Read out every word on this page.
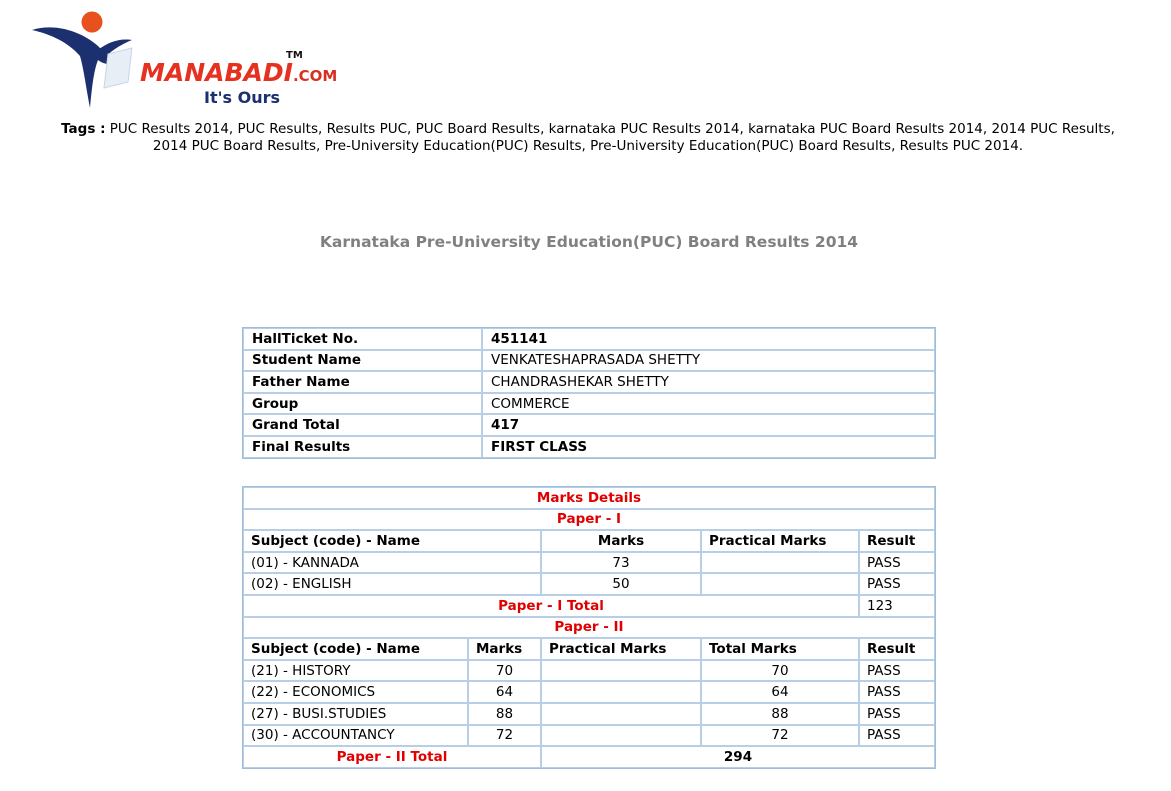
MANABADI.COM
TM
It's Ours
Tags : PUC Results 2014, PUC Results, Results PUC, PUC Board Results, karnataka PUC Results 2014, karnataka PUC Board Results 2014, 2014 PUC Results, 2014 PUC Board Results, Pre-University Education(PUC) Results, Pre-University Education(PUC) Board Results, Results PUC 2014.
Karnataka Pre-University Education(PUC) Board Results 2014
HallTicket No.	451141
Student Name	VENKATESHAPRASADA SHETTY
Father Name	CHANDRASHEKAR SHETTY
Group	COMMERCE
Grand Total	417
Final Results	FIRST CLASS
Marks Details				
Paper - I				
Subject (code) - Name		Marks	Practical Marks	Result
(01) - KANNADA		73		PASS
(02) - ENGLISH		50		PASS
Paper - I Total				123
Paper - II				
Subject (code) - Name	Marks	Practical Marks	Total Marks	Result
(21) - HISTORY	70		70	PASS
(22) - ECONOMICS	64		64	PASS
(27) - BUSI.STUDIES	88		88	PASS
(30) - ACCOUNTANCY	72		72	PASS
Paper - II Total		294		
